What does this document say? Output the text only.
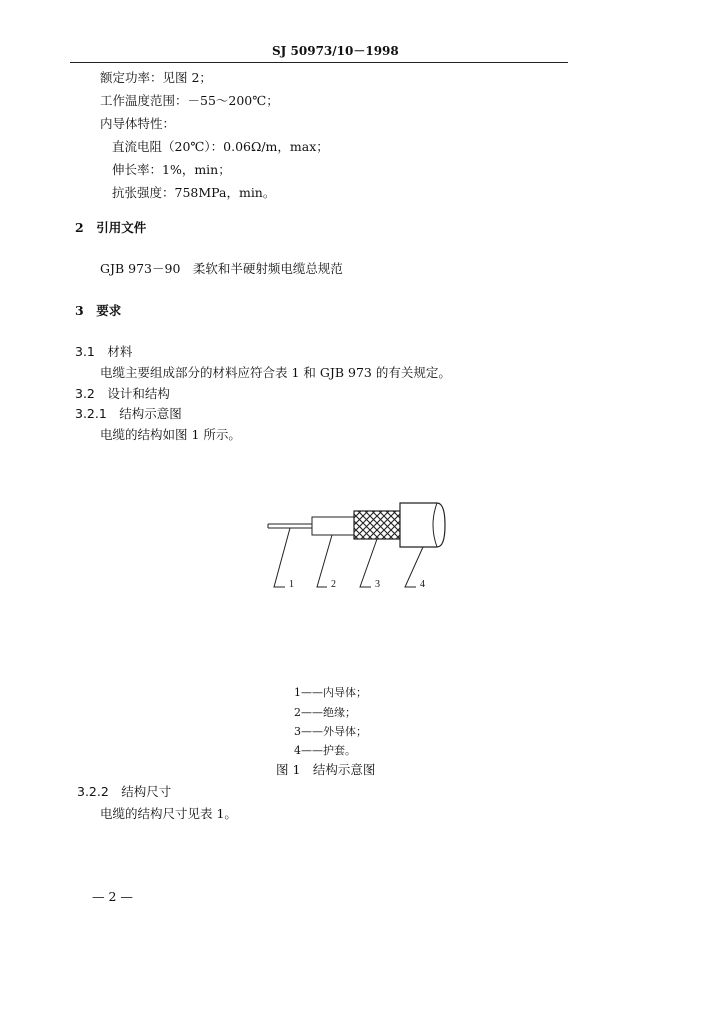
SJ 50973/10－1998
额定功率：见图 2；
工作温度范围：－55～200℃；
内导体特性：
直流电阻（20℃）：0.06Ω/m，max；
伸长率：1%，min；
抗张强度：758MPa，min。
2　引用文件
GJB 973－90　柔软和半硬射频电缆总规范
3　要求
3.1　材料
电缆主要组成部分的材料应符合表 1 和 GJB 973 的有关规定。
3.2　设计和结构
3.2.1　结构示意图
电缆的结构如图 1 所示。
1	2	3	4
1——内导体；
2——绝缘；
3——外导体；
4——护套。
图 1　结构示意图
3.2.2　结构尺寸
电缆的结构尺寸见表 1。
— 2 —
